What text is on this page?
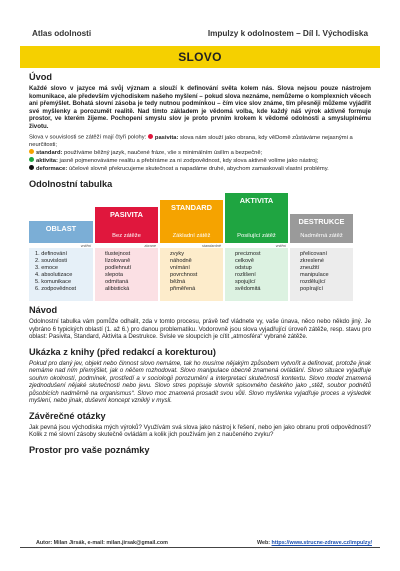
Atlas odolnosti	Impulzy k odolnostem – Díl I. Východiska
SLOVO
Úvod

Každé slovo v jazyce má svůj význam a slouží k definování světa kolem nás. Slova nejsou pouze nástrojem komunikace, ale především východiskem našeho myšlení – pokud slova neznáme, nemůžeme o komplexních věcech ani přemýšlet. Bohatá slovní zásoba je tedy nutnou podmínkou – čím více slov známe, tím přesněji můžeme vyjádřit své myšlenky a porozumět realitě. Nad tímto základem je vědomá volba, kde každý náš výrok aktivně formuje prostor, ve kterém žijeme. Pochopení smyslu slov je proto prvním krokem k vědomé odolnosti a smysluplnému životu.

Slova v souvislosti se zátěží mají čtyři polohy: pasivita: slova nám slouží jako obrana, kdy věDomě zůstáváme nejasnými a neurčitosti;
standard: používáme běžný jazyk, naučené fráze, vše s minimálním úsilím a bezpečně;
aktivita: jasně pojmenováváme realitu a přebíráme za ni zodpovědnost, kdy slova aktivně volíme jako nástroj;
deformace: účelové slovně překrucujeme skutečnost a napadáme druhé, abychom zamaskovali vlastní problémy.

Odolnostní tabulka
OBLAST
vnitřní
1. definování
2. souvislosti
3. emoce
4. absolutizace
5. komunikace
6. zodpovědnost
PASIVITA
Bez zátěže
zbrane
tlustejnost
lízolovaně
podlehnutí
slepota
odmítaná
alibistická
STANDARD
Základní zátěž
standardně
zvyky
náhodně
vnímání
povrchnost
běžná
přiměřená
AKTIVITA
Posilující zátěž
vnitřní
preciznost
celkově
odstup
rozlišení
spojující
svědomitá
DESTRUKCE
Nadměrná zátěž
přelicovaní
zkreslené
zneužití
manipulace
rozdělující
popírající
Návod

Odolnostní tabulka vám pomůže odhalit, zda v tomto procesu, právě teď vládnete vy, vaše únava, něco nebo někdo jiný. Je vybráno 6 typických oblastí (1. až 6.) pro danou problematiku. Vodorovně jsou slova vyjadřující úroveň zátěže, resp. stavu pro oblast: Pasivita, Standard, Aktivita a Destrukce. Svisle ve sloupcích je cítit „atmosféra“ vybrané zátěže.

Ukázka z knihy (před redakcí a korekturou)

Pokud pro daný jev, objekt nebo činnost slovo nemáme, tak ho musíme nějakým způsobem vytvořit a definovat, protože jinak nemáme nad ním přemýšlet, jak o něčem rozhodovat. Slovo manipulace obecně znamená ovládání. Slovo situace vyjadřuje souhrn okolností, podmínek, prostředí a v sociologii porozumění a interpretaci skutečnosti kontextu. Slovo model znamená zjednodušení nějaké skutečnosti nebo jevu. Slovo stres popisuje slovník spisovného českého jako „stěž, soubor podnětů působících nadměrně na organismus“. Slovo moc znamená prosadit svou vůli. Slovo myšlenka vyjadřuje proces a výsledek myšlení, nebo jinak, duševní koncept vzniklý v mysli.

Závěrečné otázky

Jak pevná jsou východiska mých výroků? Využívám svá slova jako nástroj k řešení, nebo jen jako obranu proti odpovědnosti? Kolik z mé slovní zásoby skutečně ovládám a kolik jich používám jen z naučeného zvyku?

Prostor pro vaše poznámky
Autor: Milan Jirsák, e-mail: milan.jirsak@gmail.com	Web: https://www.strucne-zdrave.cz/impulzy/
